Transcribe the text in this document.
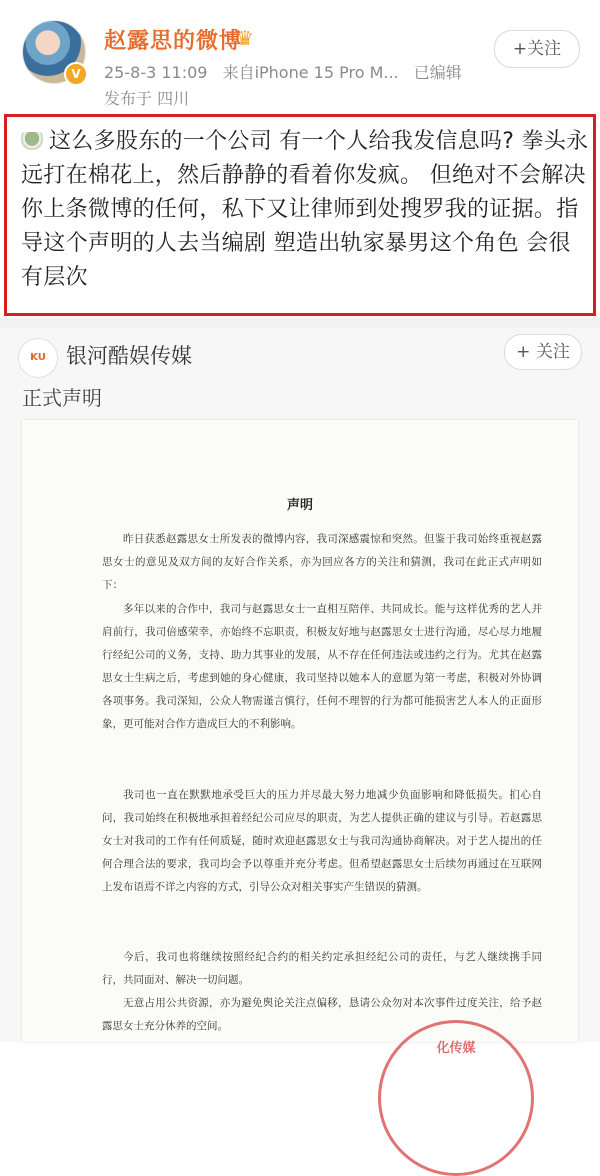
V
赵露思的微博
♛
25-8-3 11:09 来自iPhone 15 Pro M... 已编辑
发布于 四川
+关注
这么多股东的一个公司 有一个人给我发信息吗? 拳头永远打在棉花上，然后静静的看着你发疯。 但绝对不会解决你上条微博的任何，私下又让律师到处搜罗我的证据。指导这个声明的人去当编剧 塑造出轨家暴男这个角色 会很有层次
KU 银河酷娱传媒	+ 关注
正式声明
声明
昨日获悉赵露思女士所发表的微博内容，我司深感震惊和突然。但鉴于我司始终重视赵露思女士的意见及双方间的友好合作关系，亦为回应各方的关注和猜测，我司在此正式声明如下：
多年以来的合作中，我司与赵露思女士一直相互陪伴、共同成长。能与这样优秀的艺人并肩前行，我司倍感荣幸，亦始终不忘职责，积极友好地与赵露思女士进行沟通，尽心尽力地履行经纪公司的义务，支持、助力其事业的发展，从不存在任何违法或违约之行为。尤其在赵露思女士生病之后，考虑到她的身心健康，我司坚持以她本人的意愿为第一考虑，积极对外协调各项事务。我司深知，公众人物需谨言慎行，任何不理智的行为都可能损害艺人本人的正面形象，更可能对合作方造成巨大的不利影响。
我司也一直在默默地承受巨大的压力并尽最大努力地减少负面影响和降低损失。扪心自问，我司始终在积极地承担着经纪公司应尽的职责，为艺人提供正确的建议与引导。若赵露思女士对我司的工作有任何质疑，随时欢迎赵露思女士与我司沟通协商解决。对于艺人提出的任何合理合法的要求，我司均会予以尊重并充分考虑。但希望赵露思女士后续勿再通过在互联网上发布语焉不详之内容的方式，引导公众对相关事实产生错误的猜测。
今后，我司也将继续按照经纪合约的相关约定承担经纪公司的责任，与艺人继续携手同行，共同面对、解决一切问题。
无意占用公共资源，亦为避免舆论关注点偏移，恳请公众勿对本次事件过度关注，给予赵露思女士充分休养的空间。
化传媒
